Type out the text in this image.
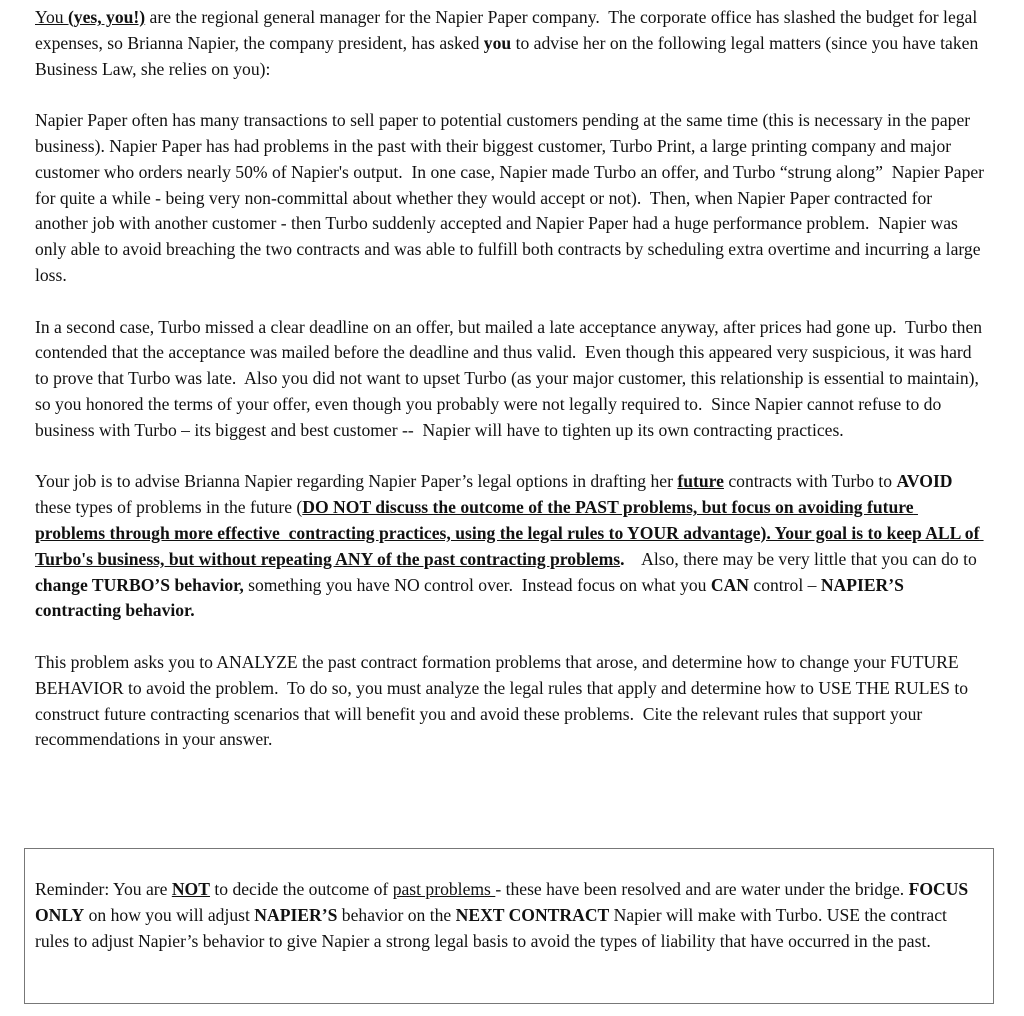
You (yes, you!) are the regional general manager for the Napier Paper company.  The corporate office has slashed the budget for legal expenses, so Brianna Napier, the company president, has asked you to advise her on the following legal matters (since you have taken Business Law, she relies on you):

Napier Paper often has many transactions to sell paper to potential customers pending at the same time (this is necessary in the paper business). Napier Paper has had problems in the past with their biggest customer, Turbo Print, a large printing company and major customer who orders nearly 50% of Napier's output.  In one case, Napier made Turbo an offer, and Turbo “strung along”  Napier Paper for quite a while - being very non-committal about whether they would accept or not).  Then, when Napier Paper contracted for another job with another customer - then Turbo suddenly accepted and Napier Paper had a huge performance problem.  Napier was only able to avoid breaching the two contracts and was able to fulfill both contracts by scheduling extra overtime and incurring a large loss.

In a second case, Turbo missed a clear deadline on an offer, but mailed a late acceptance anyway, after prices had gone up.  Turbo then contended that the acceptance was mailed before the deadline and thus valid.  Even though this appeared very suspicious, it was hard to prove that Turbo was late.  Also you did not want to upset Turbo (as your major customer, this relationship is essential to maintain), so you honored the terms of your offer, even though you probably were not legally required to.  Since Napier cannot refuse to do business with Turbo – its biggest and best customer --  Napier will have to tighten up its own contracting practices.

Your job is to advise Brianna Napier regarding Napier Paper’s legal options in drafting her future contracts with Turbo to AVOID these types of problems in the future (DO NOT discuss the outcome of the PAST problems, but focus on avoiding future problems through more effective  contracting practices, using the legal rules to YOUR advantage). Your goal is to keep ALL of Turbo's business, but without repeating ANY of the past contracting problems.    Also, there may be very little that you can do to change TURBO’S behavior, something you have NO control over.  Instead focus on what you CAN control – NAPIER’S contracting behavior.

This problem asks you to ANALYZE the past contract formation problems that arose, and determine how to change your FUTURE BEHAVIOR to avoid the problem.  To do so, you must analyze the legal rules that apply and determine how to USE THE RULES to construct future contracting scenarios that will benefit you and avoid these problems.  Cite the relevant rules that support your recommendations in your answer.

Reminder: You are NOT to decide the outcome of past problems - these have been resolved and are water under the bridge. FOCUS ONLY on how you will adjust NAPIER’S behavior on the NEXT CONTRACT Napier will make with Turbo. USE the contract rules to adjust Napier’s behavior to give Napier a strong legal basis to avoid the types of liability that have occurred in the past.
